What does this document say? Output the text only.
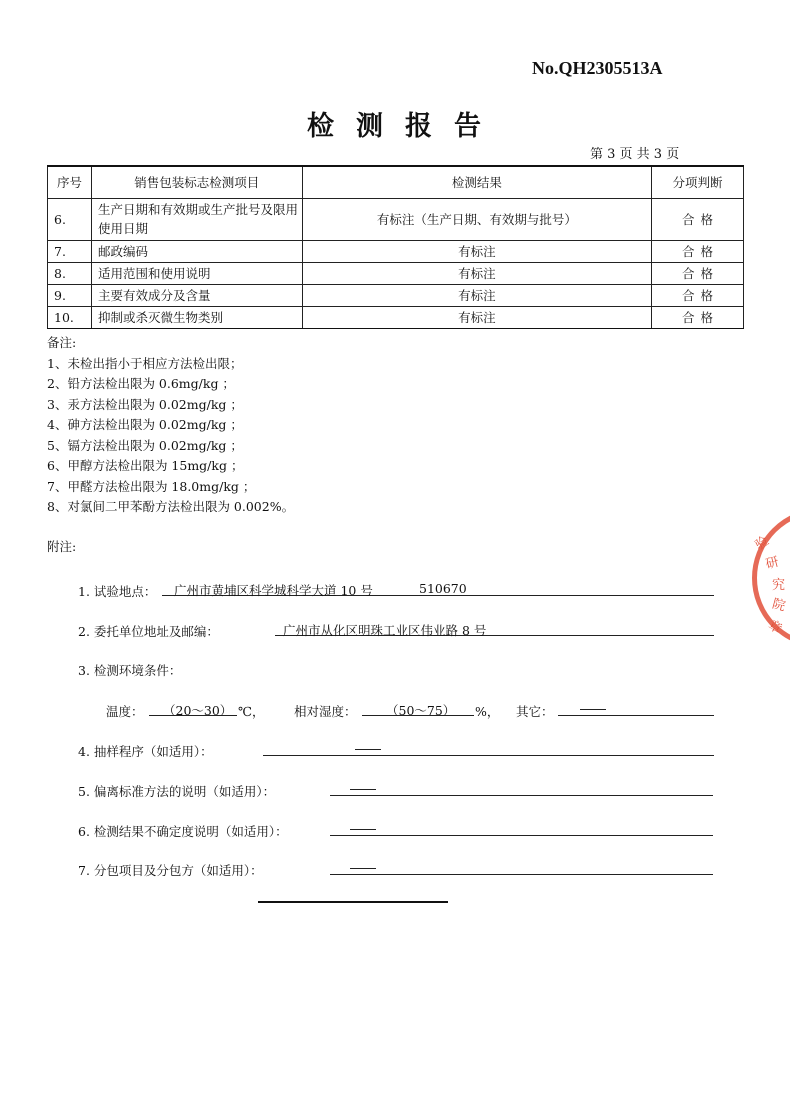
No.QH2305513A
检测报告
第 3 页 共 3 页
序号	销售包装标志检测项目	检测结果	分项判断
6.	生产日期和有效期或生产批号及限用使用日期	有标注（生产日期、有效期与批号）	合格
7.	邮政编码	有标注	合格
8.	适用范围和使用说明	有标注	合格
9.	主要有效成分及含量	有标注	合格
10.	抑制或杀灭微生物类别	有标注	合格
备注:
1、未检出指小于相应方法检出限；
2、铅方法检出限为 0.6mg/kg ；
3、汞方法检出限为 0.02mg/kg ；
4、砷方法检出限为 0.02mg/kg ；
5、镉方法检出限为 0.02mg/kg ；
6、甲醇方法检出限为 15mg/kg ；
7、甲醛方法检出限为 18.0mg/kg ；
8、对氯间二甲苯酚方法检出限为 0.002%。
附注:
1. 试验地点： 广州市黄埔区科学城科学大道 10 号	510670
2. 委托单位地址及邮编：	广州市从化区明珠工业区伟业路 8 号
3. 检测环境条件：
温度： （20～30） ℃， 相对湿度： （50～75） %， 其它：
4. 抽样程序（如适用）：
5. 偏离标准方法的说明（如适用）：
6. 检测结果不确定度说明（如适用）：
7. 分包项目及分包方（如适用）：
验
研
究
院
章
